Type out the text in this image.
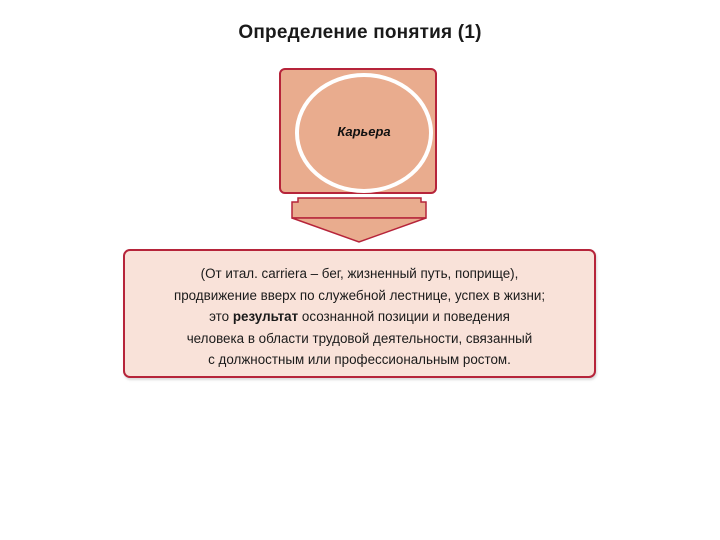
Определение понятия (1)
Карьера
(От итал. carriera – бег, жизненный путь, поприще),
продвижение вверх по служебной лестнице, успех в жизни;
это результат осознанной позиции и поведения
человека в области трудовой деятельности, связанный
с должностным или профессиональным ростом.
